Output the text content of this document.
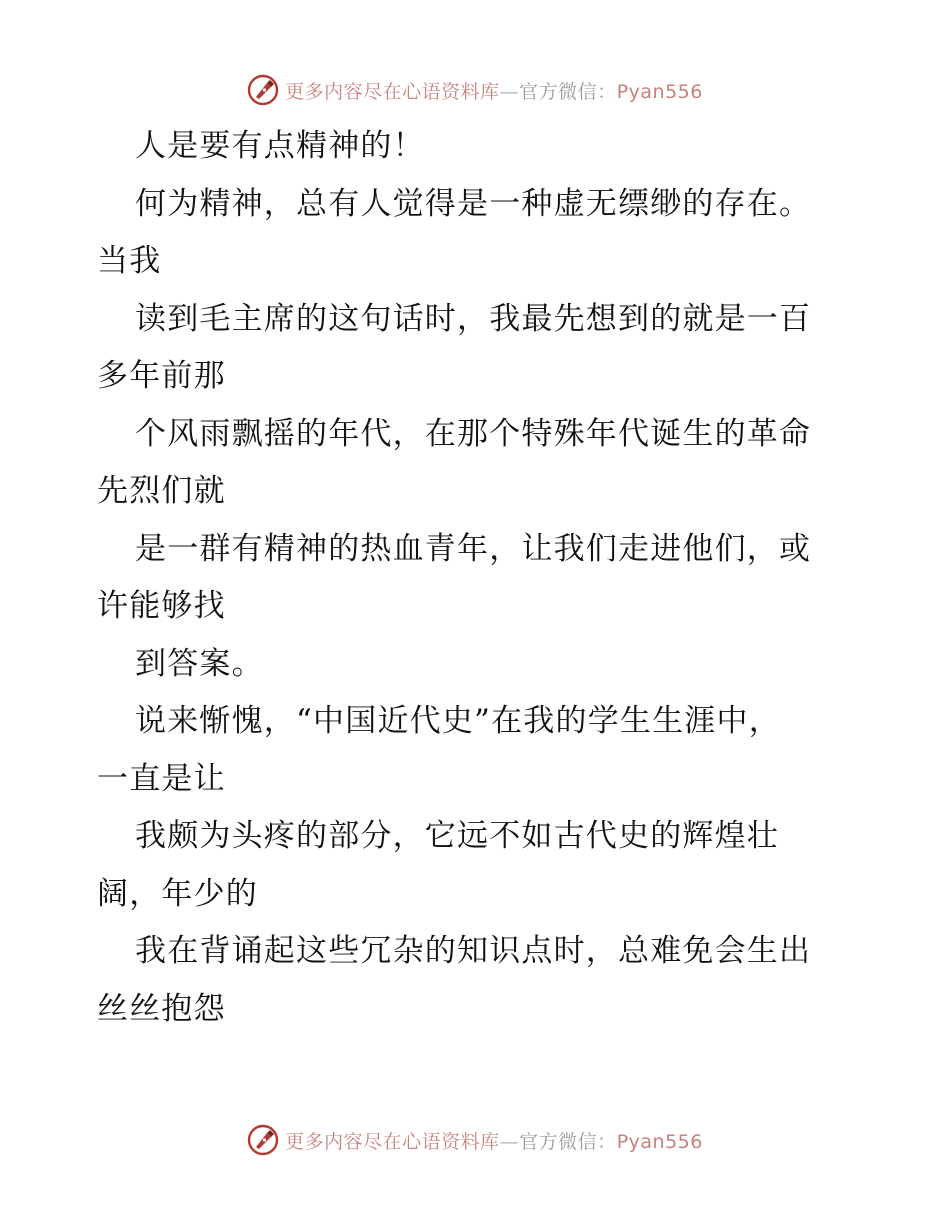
更多内容尽在心语资料库—官方微信：Pyan556
人是要有点精神的！
何为精神，总有人觉得是一种虚无缥缈的存在。
当我
读到毛主席的这句话时，我最先想到的就是一百
多年前那
个风雨飘摇的年代，在那个特殊年代诞生的革命
先烈们就
是一群有精神的热血青年，让我们走进他们，或
许能够找
到答案。
说来惭愧，“中国近代史”在我的学生生涯中，
一直是让
我颇为头疼的部分，它远不如古代史的辉煌壮
阔，年少的
我在背诵起这些冗杂的知识点时，总难免会生出
丝丝抱怨
更多内容尽在心语资料库—官方微信：Pyan556
